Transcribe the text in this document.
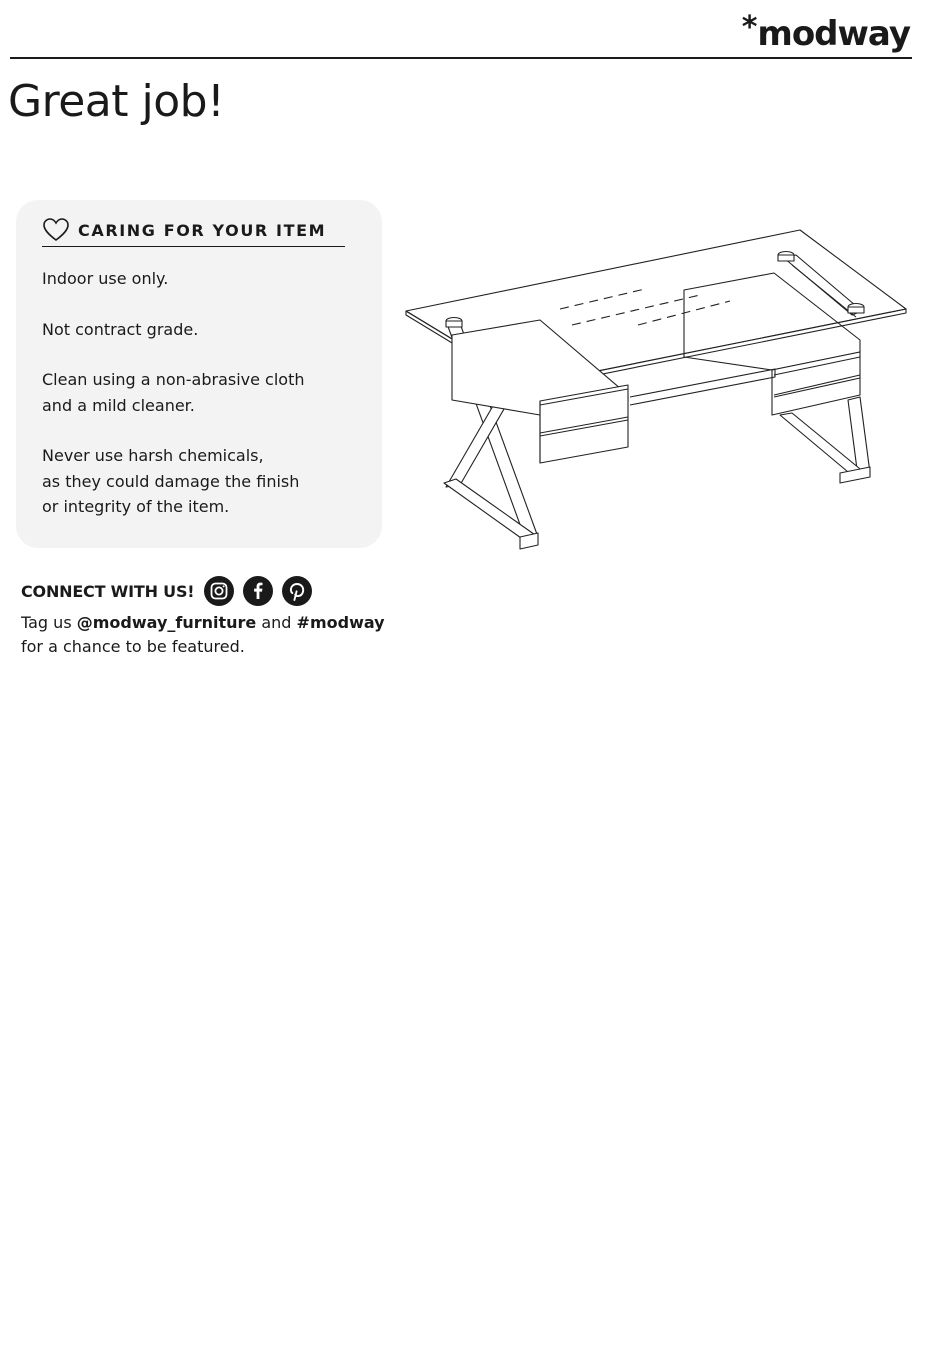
*modway
Great job!
CARING FOR YOUR ITEM

Indoor use only.

Not contract grade.

Clean using a non-abrasive cloth
and a mild cleaner.

Never use harsh chemicals,
as they could damage the finish
or integrity of the item.

CONNECT WITH US!
Tag us @modway_furniture and #modway
for a chance to be featured.
